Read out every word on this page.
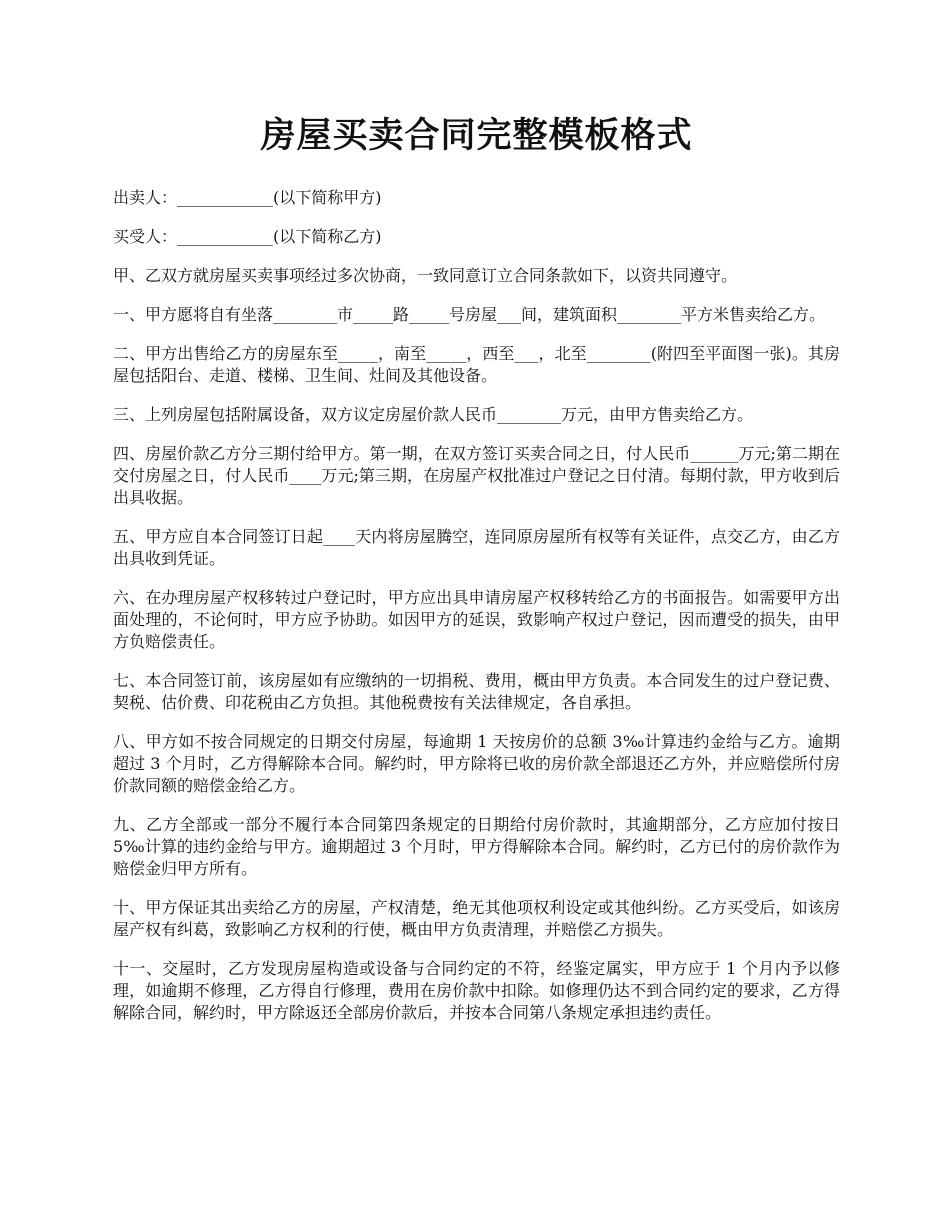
房屋买卖合同完整模板格式

出卖人：____________(以下简称甲方)

买受人：____________(以下简称乙方)

甲、乙双方就房屋买卖事项经过多次协商，一致同意订立合同条款如下，以资共同遵守。

一、甲方愿将自有坐落________市_____路_____号房屋___间，建筑面积________平方米售卖给乙方。

二、甲方出售给乙方的房屋东至_____，南至_____，西至___，北至________(附四至平面图一张)。其房屋包括阳台、走道、楼梯、卫生间、灶间及其他设备。

三、上列房屋包括附属设备，双方议定房屋价款人民币________万元，由甲方售卖给乙方。

四、房屋价款乙方分三期付给甲方。第一期，在双方签订买卖合同之日，付人民币______万元;第二期在交付房屋之日，付人民币____万元;第三期，在房屋产权批准过户登记之日付清。每期付款，甲方收到后出具收据。

五、甲方应自本合同签订日起____天内将房屋腾空，连同原房屋所有权等有关证件，点交乙方，由乙方出具收到凭证。

六、在办理房屋产权移转过户登记时，甲方应出具申请房屋产权移转给乙方的书面报告。如需要甲方出面处理的，不论何时，甲方应予协助。如因甲方的延误，致影响产权过户登记，因而遭受的损失，由甲方负赔偿责任。

七、本合同签订前，该房屋如有应缴纳的一切捐税、费用，概由甲方负责。本合同发生的过户登记费、契税、估价费、印花税由乙方负担。其他税费按有关法律规定，各自承担。

八、甲方如不按合同规定的日期交付房屋，每逾期 1 天按房价的总额 3‰计算违约金给与乙方。逾期超过 3 个月时，乙方得解除本合同。解约时，甲方除将已收的房价款全部退还乙方外，并应赔偿所付房价款同额的赔偿金给乙方。

九、乙方全部或一部分不履行本合同第四条规定的日期给付房价款时，其逾期部分，乙方应加付按日 5‰计算的违约金给与甲方。逾期超过 3 个月时，甲方得解除本合同。解约时，乙方已付的房价款作为赔偿金归甲方所有。

十、甲方保证其出卖给乙方的房屋，产权清楚，绝无其他项权利设定或其他纠纷。乙方买受后，如该房屋产权有纠葛，致影响乙方权利的行使，概由甲方负责清理，并赔偿乙方损失。

十一、交屋时，乙方发现房屋构造或设备与合同约定的不符，经鉴定属实，甲方应于 1 个月内予以修理，如逾期不修理，乙方得自行修理，费用在房价款中扣除。如修理仍达不到合同约定的要求，乙方得解除合同，解约时，甲方除返还全部房价款后，并按本合同第八条规定承担违约责任。
